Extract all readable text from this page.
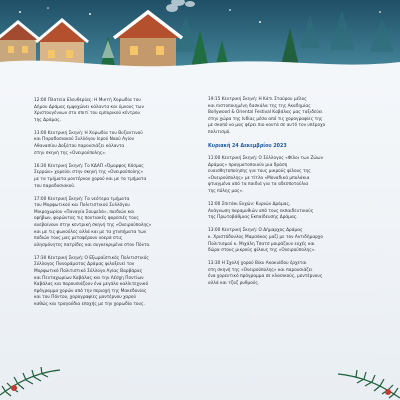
12:00 Πλατεία Ελευθερίας: Η Μικτή Χορωδία του
Δήμου Δράμας εμψυχώνει κάλαντα και ύμνους των
Χριστουγέννων στο σπιτί του εμπορικού κέντρου
της Δράμας.

13:00 Κεντρική Σκηνή: Η Χορωδία του Βυζαντινού
και Παραδοσιακού Συλλόγου Ιερού Ναού Αγίου
Αθανασίου Δοξάτου παρουσιάζει κάλαντα
στην σκηνή της «Ονειρούπολης».

16:30 Κεντρική Σκηνή: Το ΚΔΑΠ «Όμορφος Κόσμος
Σερρών» χορεύει στην σκηνή της «Ονειρούπολης»
με τα τμήματα μοντέρνου χορού και με τα τμήματα
του παραδοσιακού.

17:00 Κεντρική Σκηνή: Τα νεότερα τμήματα
του Μορφωτικού και Πολιτιστικού Συλλόγου
Μικροχωρίου «Παναγία Σουμελά», παιδιών και
εφήβων, φορώντας τις ποντιακές φορεσιές τους
ανεβαίνουν στην κεντρική σκηνή της «Ονειρούπολης»
και με τις φωνούλες αλλά και με τα χτυπήματα των
ποδιών τους μας μεταφέρουν νοερά στις
αλησμόνητες πατρίδες και συγκεκριμένα στον Πόντο.

17:30 Κεντρική Σκηνή: Ο Εξωραϊστικός Πολιτιστικός
Σύλλογος Πανοράματος Δράμας φιλοξενεί τον
Μορφωτικό Πολιτιστικό Σύλλογο Αγίας Βαρβάρας
και Πενταχωρίων Καβάλας και την Λέσχη Ποντίων
Καβάλας και παρουσιάζουν ένα μεγάλο καλλιτεχνικό
πρόγραμμα χορών από την περιοχή της Μακεδονίας
και του Πόντου, χορογραφίες μοντέρνου χορού
καθώς και τραγούδια εποχής με την χορωδία τους.

19:15 Κεντρική Σκηνή: Η Κάτι Σταύρου μέλος
και πιστοποιημένη δασκάλα της της Ακαδημίας
Bollywood & Oriental Festival Καβάλας μας ταξιδεύει
στην χώρα της Ινδίας μέσα από τις χορογραφίες της
με σκοπό να μας φέρει πιο κοντά σε αυτό τον υπέροχο
πολιτισμό.

Κυριακή 24 Δεκεμβρίου 2023

11:00 Κεντρική Σκηνή: Ο Σύλλογος «Φίλοι των Ζώων
Δράμας» πραγματοποιούν μια δράση
ευαισθητοποίησης για τους μικρούς φίλους της
«Ονειρούπολης» με τίτλο «Μοναδικά μπολάκια
φτιαγμένα από τα παιδιά για τα αδεσποτούλια
της πόλης μας».

12:00 Σπιτάκι Ευχών: Κυριών Δράμας,
Ανάγνωση παραμυθιών από τους εκπαιδευτικούς
της Πρωτοβάθμιας Εκπαίδευσης Δράμας.

13:00 Κεντρική Σκηνή: Ο Δήμαρχος Δράμας
κ. Χριστόδουλος Μαμσάκος μαζί με τον Αντιδήμαρχο
Πολιτισμού κ. Μιχάλη Τσατσ μοιράζουν ευχές και
δώρα στους μικρούς φίλους της «Ονειρούπολης».

13:30 Η Σχολή χορού Βίκυ Ακακιάδου έρχεται
στη σκηνή της «Ονειρούπολης» και παρουσιάζει
ένα χορευτικό πρόγραμμα σε κλασικούς, μοντέρνους
αλλά και τζαζ ρυθμούς.
